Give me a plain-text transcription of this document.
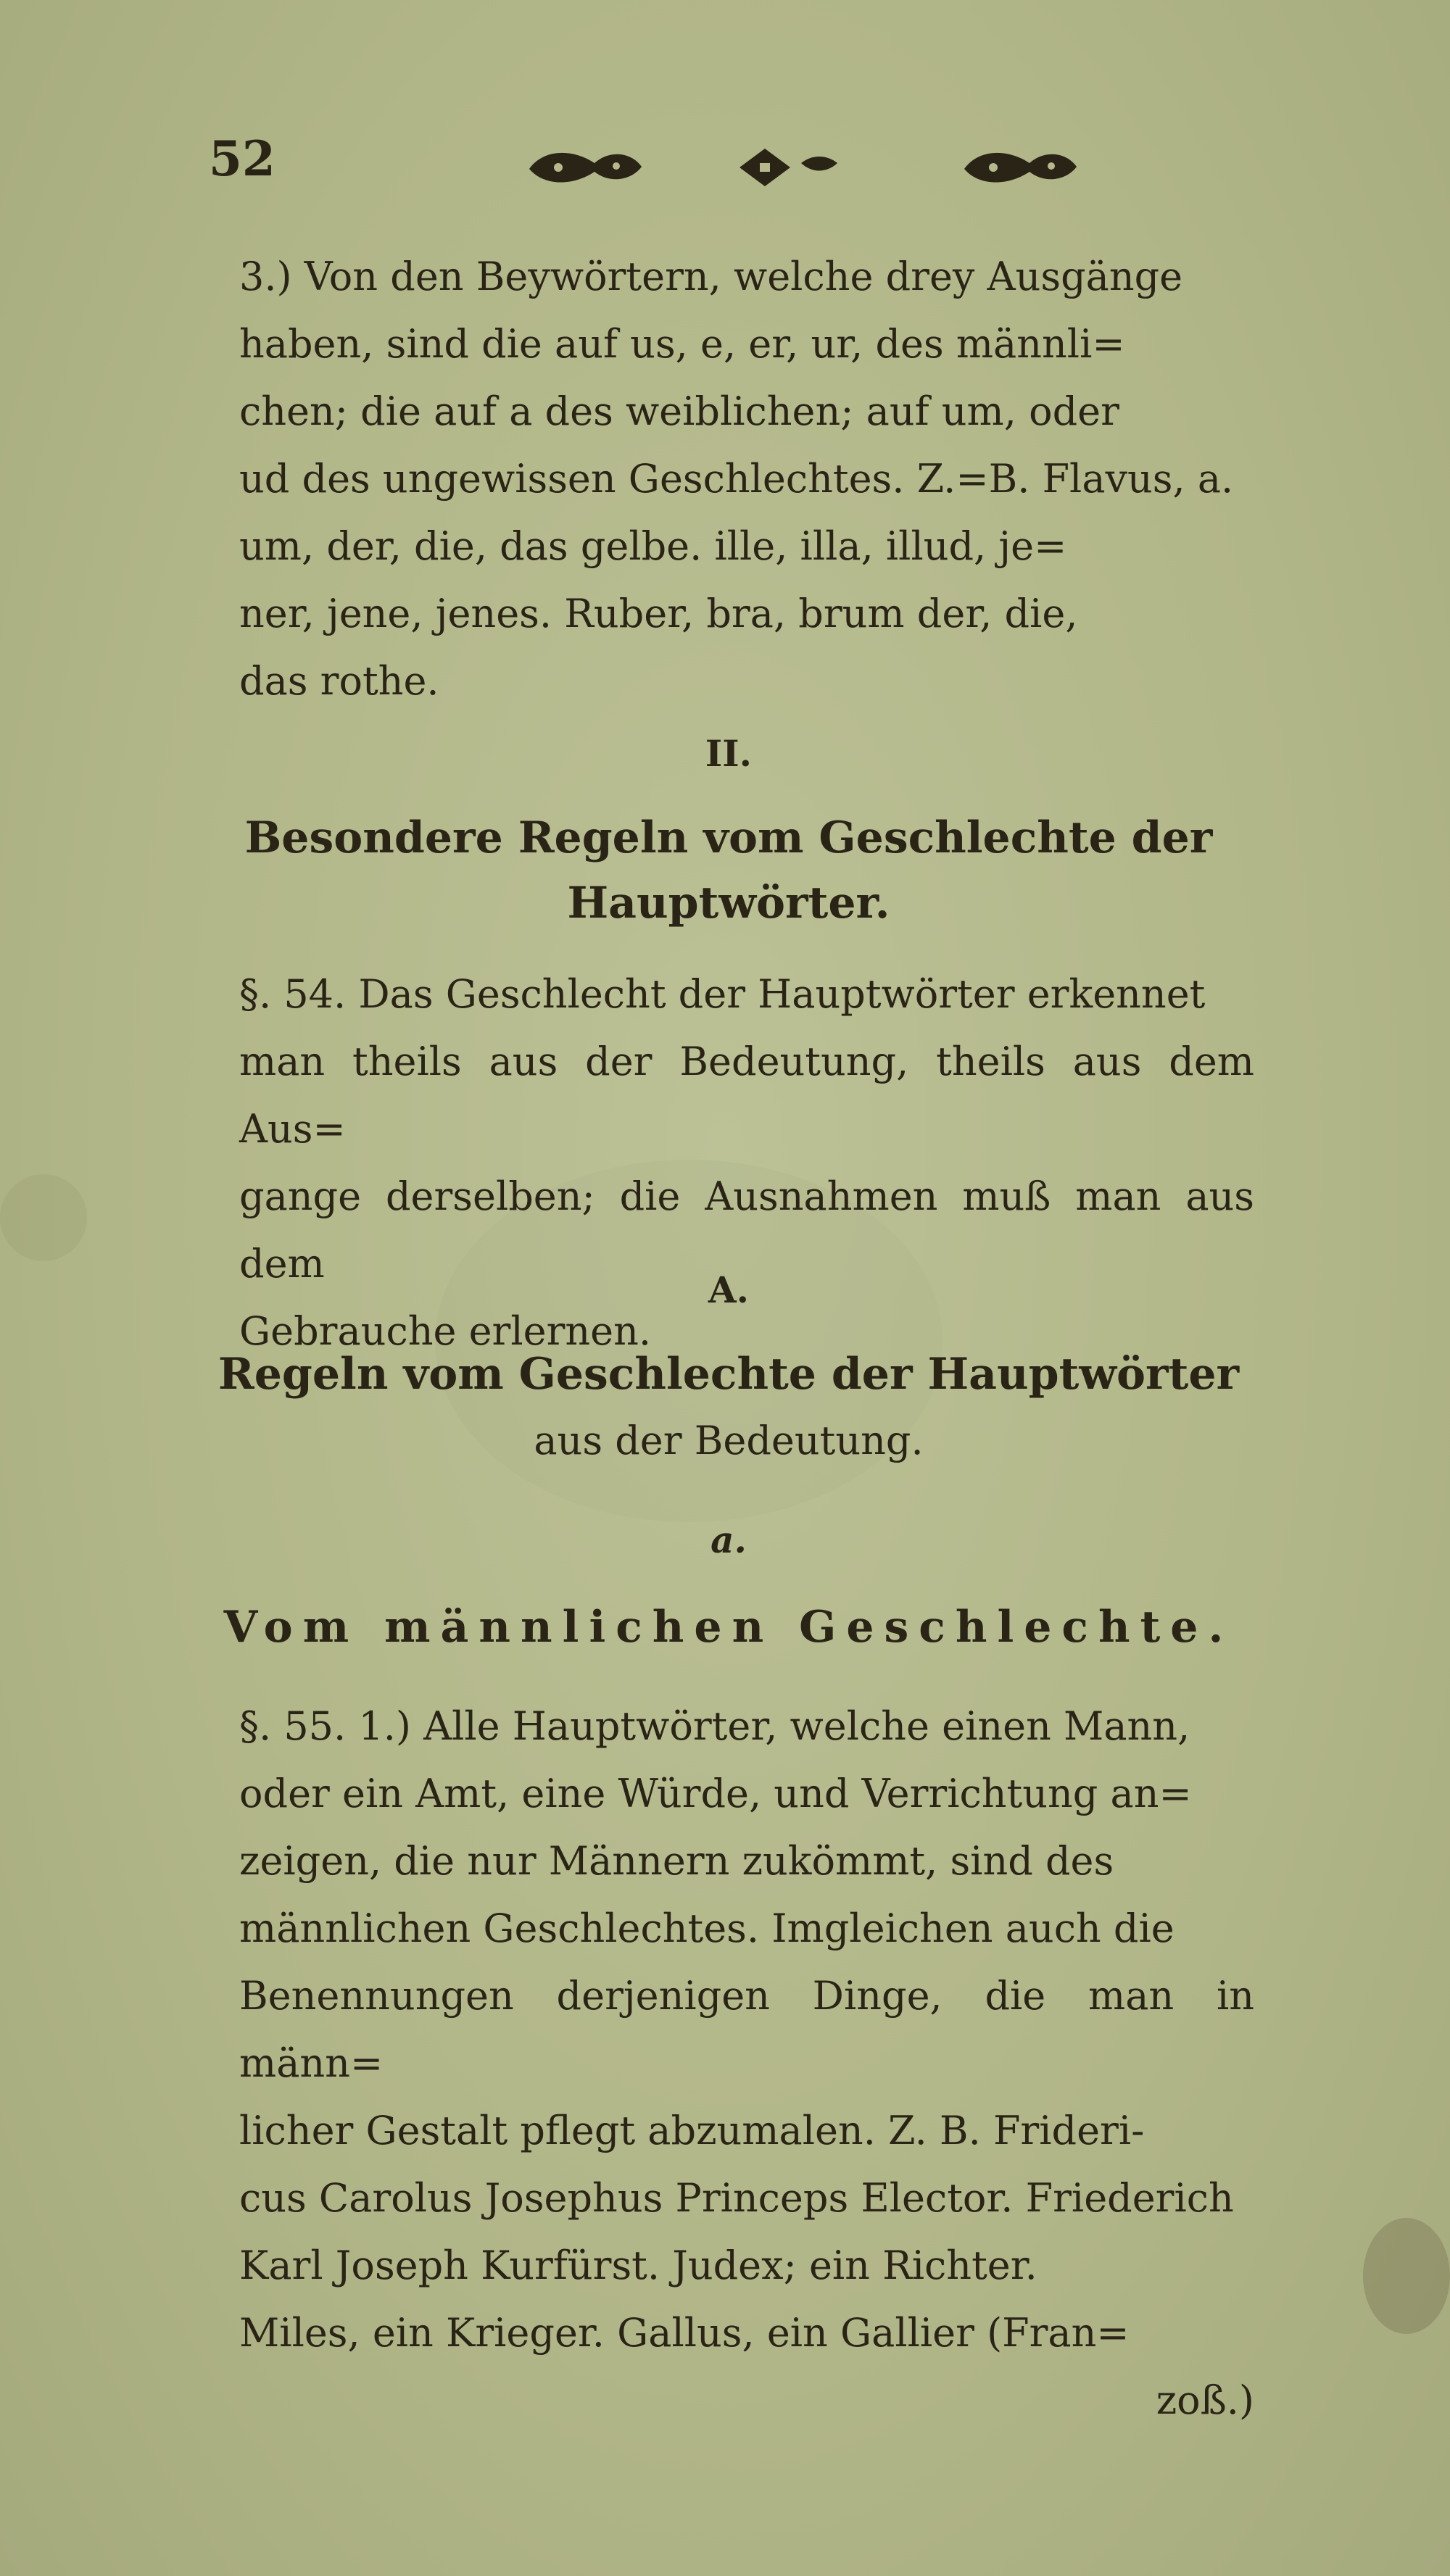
52

3.) Von den Beywörtern, welche drey Ausgänge

haben, sind die auf us, e, er, ur, des männli=

chen; die auf a des weiblichen; auf um, oder

ud des ungewissen Geschlechtes. Z.=B. Flavus, a.

um, der, die, das gelbe. ille, illa, illud, je=

ner, jene, jenes. Ruber, bra, brum der, die,

das rothe.

II.
Besondere Regeln vom Geschlechte der
Hauptwörter.

§. 54. Das Geschlecht der Hauptwörter erkennet

man theils aus der Bedeutung, theils aus dem Aus=

gange derselben; die Ausnahmen muß man aus dem

Gebrauche erlernen.

A.
Regeln vom Geschlechte der Hauptwörter
aus der Bedeutung.
a.
Vom männlichen Geschlechte.

§. 55. 1.) Alle Hauptwörter, welche einen Mann,

oder ein Amt, eine Würde, und Verrichtung an=

zeigen, die nur Männern zukömmt, sind des

männlichen Geschlechtes. Imgleichen auch die

Benennungen derjenigen Dinge, die man in männ=

licher Gestalt pflegt abzumalen. Z. B. Frideri-

cus Carolus Josephus Princeps Elector. Friederich

Karl Joseph Kurfürst. Judex; ein Richter.

Miles, ein Krieger. Gallus, ein Gallier (Fran=

zoß.)
